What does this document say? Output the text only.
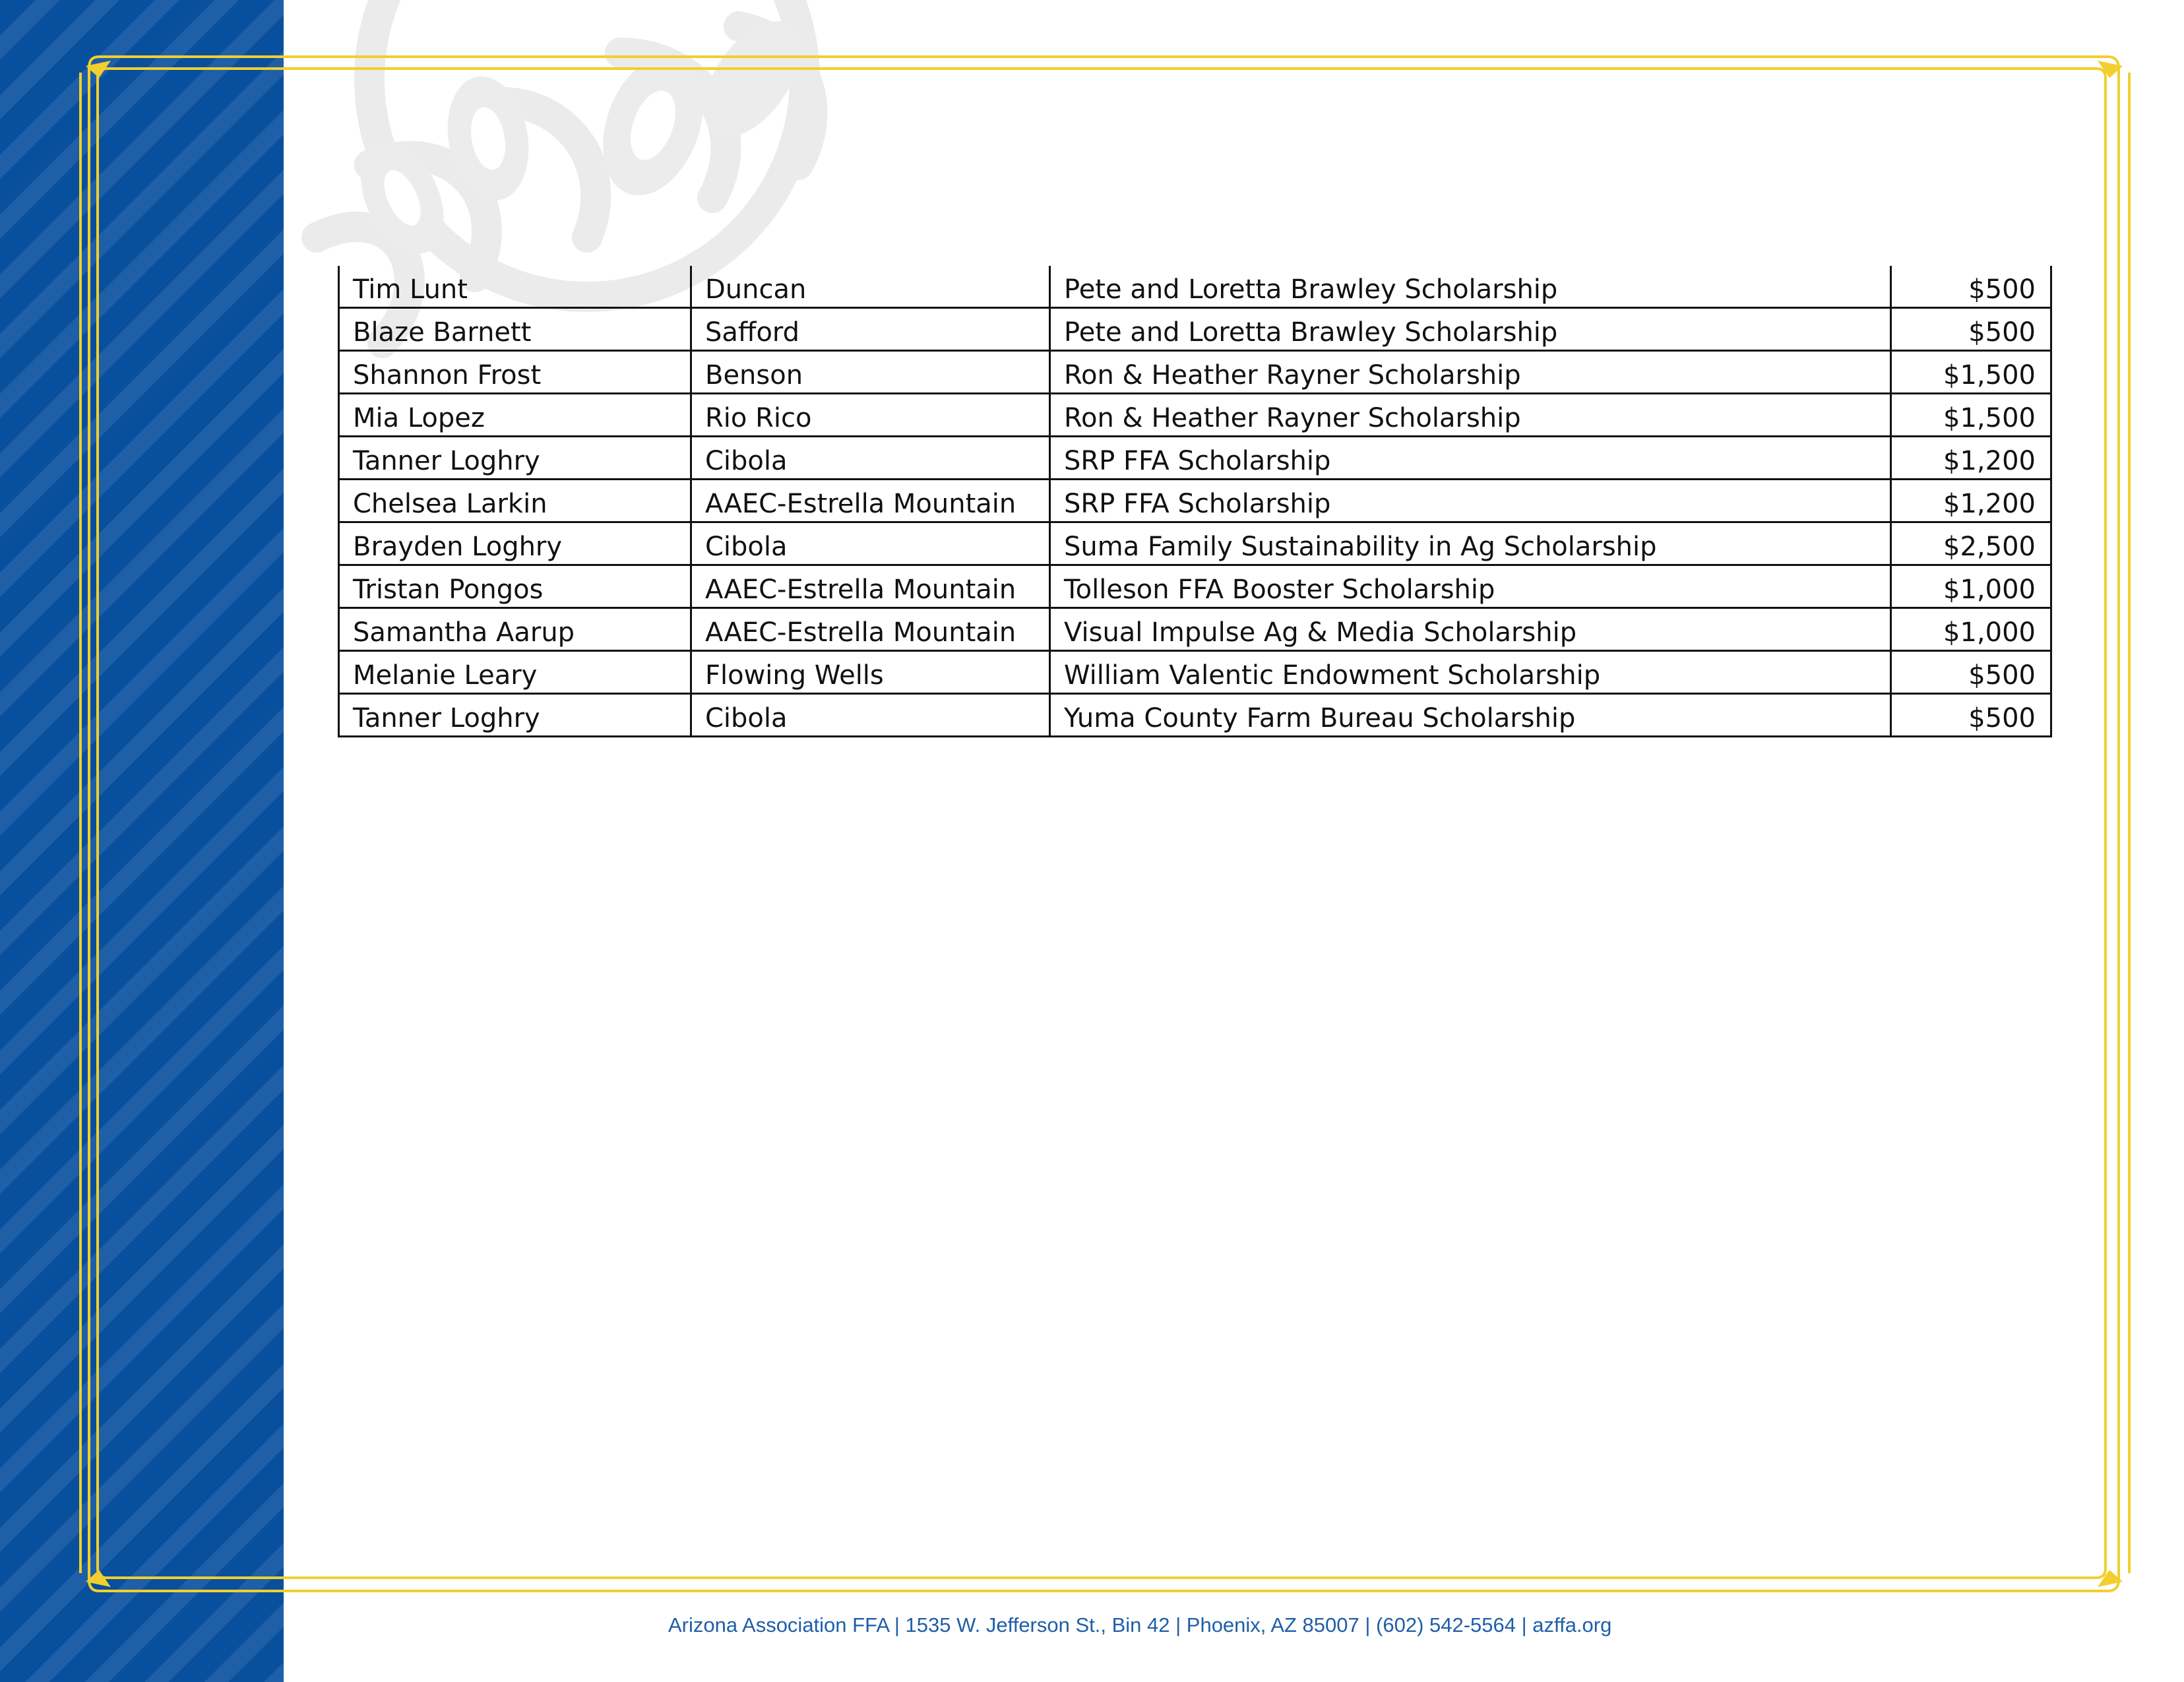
Tim Lunt	Duncan	Pete and Loretta Brawley Scholarship	$500
Blaze Barnett	Safford	Pete and Loretta Brawley Scholarship	$500
Shannon Frost	Benson	Ron & Heather Rayner Scholarship	$1,500
Mia Lopez	Rio Rico	Ron & Heather Rayner Scholarship	$1,500
Tanner Loghry	Cibola	SRP FFA Scholarship	$1,200
Chelsea Larkin	AAEC-Estrella Mountain	SRP FFA Scholarship	$1,200
Brayden Loghry	Cibola	Suma Family Sustainability in Ag Scholarship	$2,500
Tristan Pongos	AAEC-Estrella Mountain	Tolleson FFA Booster Scholarship	$1,000
Samantha Aarup	AAEC-Estrella Mountain	Visual Impulse Ag & Media Scholarship	$1,000
Melanie Leary	Flowing Wells	William Valentic Endowment Scholarship	$500
Tanner Loghry	Cibola	Yuma County Farm Bureau Scholarship	$500
Arizona Association FFA | 1535 W. Jefferson St., Bin 42 | Phoenix, AZ 85007 | (602) 542-5564 | azffa.org
